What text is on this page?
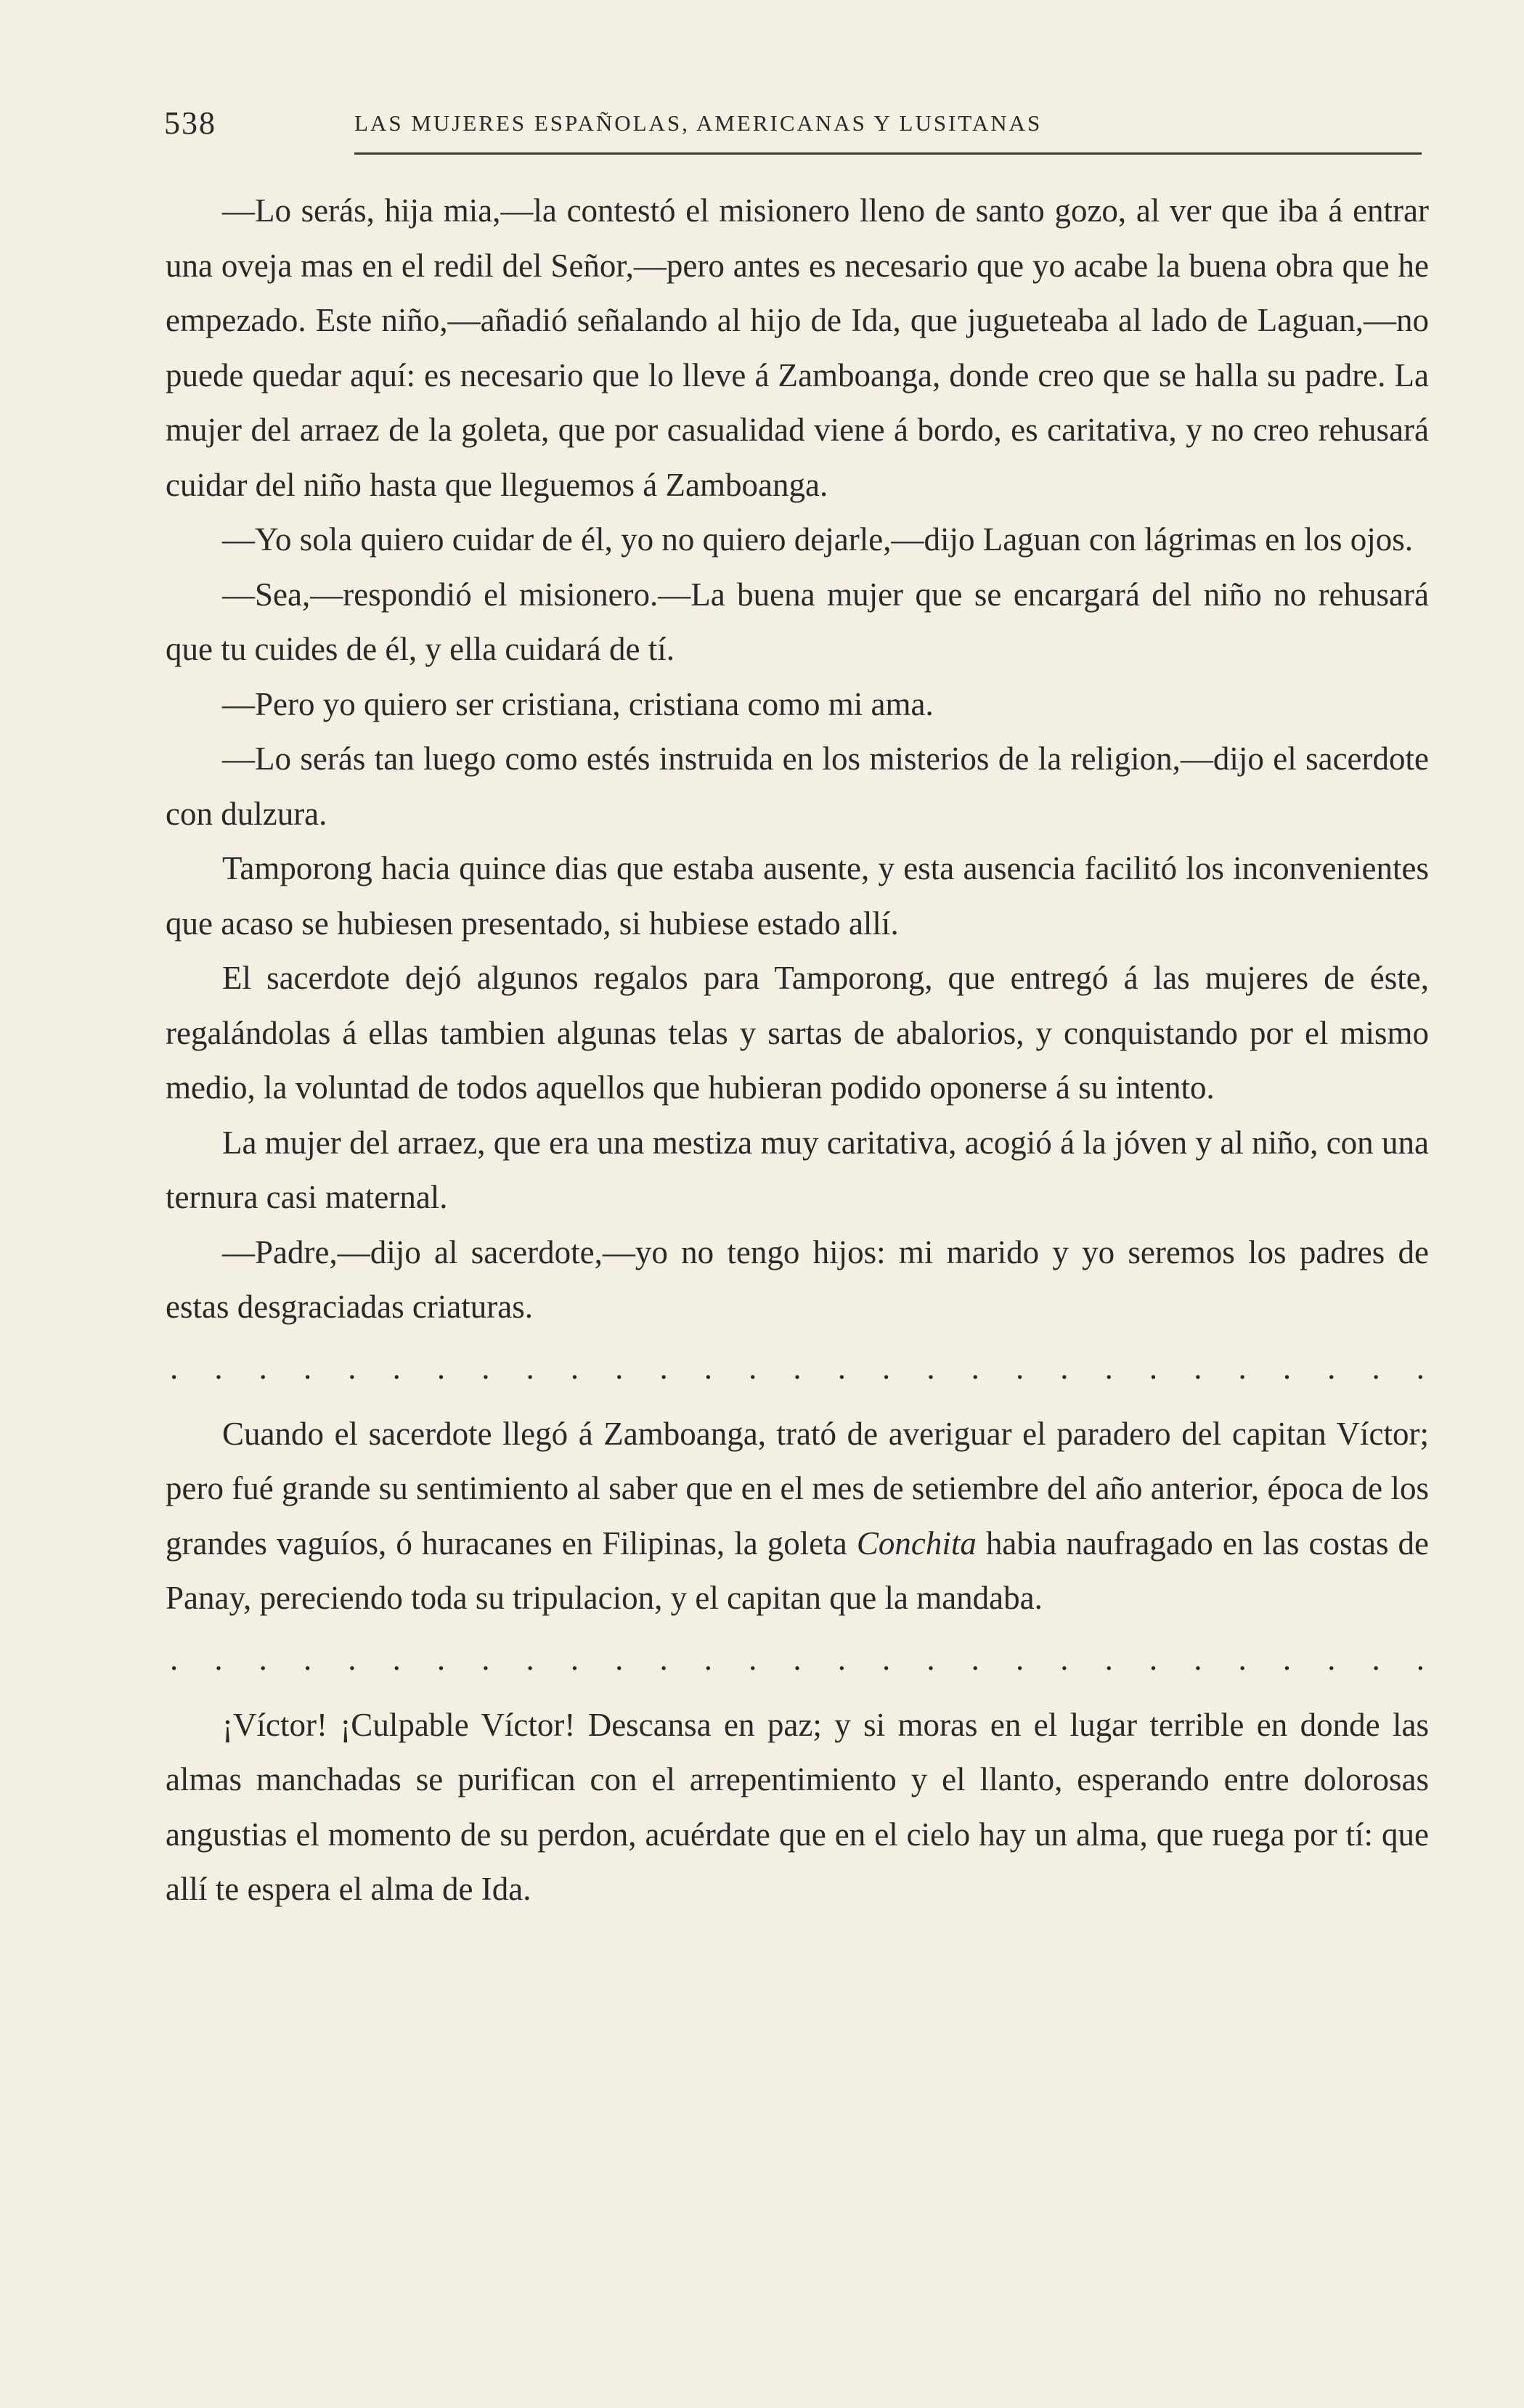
538	LAS MUJERES ESPAÑOLAS, AMERICANAS Y LUSITANAS

—Lo serás, hija mia,—la contestó el misionero lleno de santo gozo, al ver que iba á entrar una oveja mas en el redil del Señor,—pero antes es necesario que yo acabe la buena obra que he empezado. Este niño,—añadió señalando al hijo de Ida, que jugueteaba al lado de Laguan,—no puede quedar aquí: es necesario que lo lleve á Zamboanga, donde creo que se halla su padre. La mujer del arraez de la goleta, que por casualidad viene á bordo, es caritativa, y no creo rehusará cuidar del niño hasta que lleguemos á Zamboanga.

—Yo sola quiero cuidar de él, yo no quiero dejarle,—dijo Laguan con lágrimas en los ojos.

—Sea,—respondió el misionero.—La buena mujer que se encargará del niño no rehusará que tu cuides de él, y ella cuidará de tí.

—Pero yo quiero ser cristiana, cristiana como mi ama.

—Lo serás tan luego como estés instruida en los misterios de la religion,—dijo el sacerdote con dulzura.

Tamporong hacia quince dias que estaba ausente, y esta ausencia facilitó los inconvenientes que acaso se hubiesen presentado, si hubiese estado allí.

El sacerdote dejó algunos regalos para Tamporong, que entregó á las mujeres de éste, regalándolas á ellas tambien algunas telas y sartas de abalorios, y conquistando por el mismo medio, la voluntad de todos aquellos que hubieran podido oponerse á su intento.

La mujer del arraez, que era una mestiza muy caritativa, acogió á la jóven y al niño, con una ternura casi maternal.

—Padre,—dijo al sacerdote,—yo no tengo hijos: mi marido y yo seremos los padres de estas desgraciadas criaturas.

. . . . . . . . . . . . . . . . . . . . . . . . . . . . .

Cuando el sacerdote llegó á Zamboanga, trató de averiguar el paradero del capitan Víctor; pero fué grande su sentimiento al saber que en el mes de setiembre del año anterior, época de los grandes vaguíos, ó huracanes en Filipinas, la goleta Conchita habia naufragado en las costas de Panay, pereciendo toda su tripulacion, y el capitan que la mandaba.

. . . . . . . . . . . . . . . . . . . . . . . . . . . . .

¡Víctor! ¡Culpable Víctor! Descansa en paz; y si moras en el lugar terrible en donde las almas manchadas se purifican con el arrepentimiento y el llanto, esperando entre dolorosas angustias el momento de su perdon, acuérdate que en el cielo hay un alma, que ruega por tí: que allí te espera el alma de Ida.
